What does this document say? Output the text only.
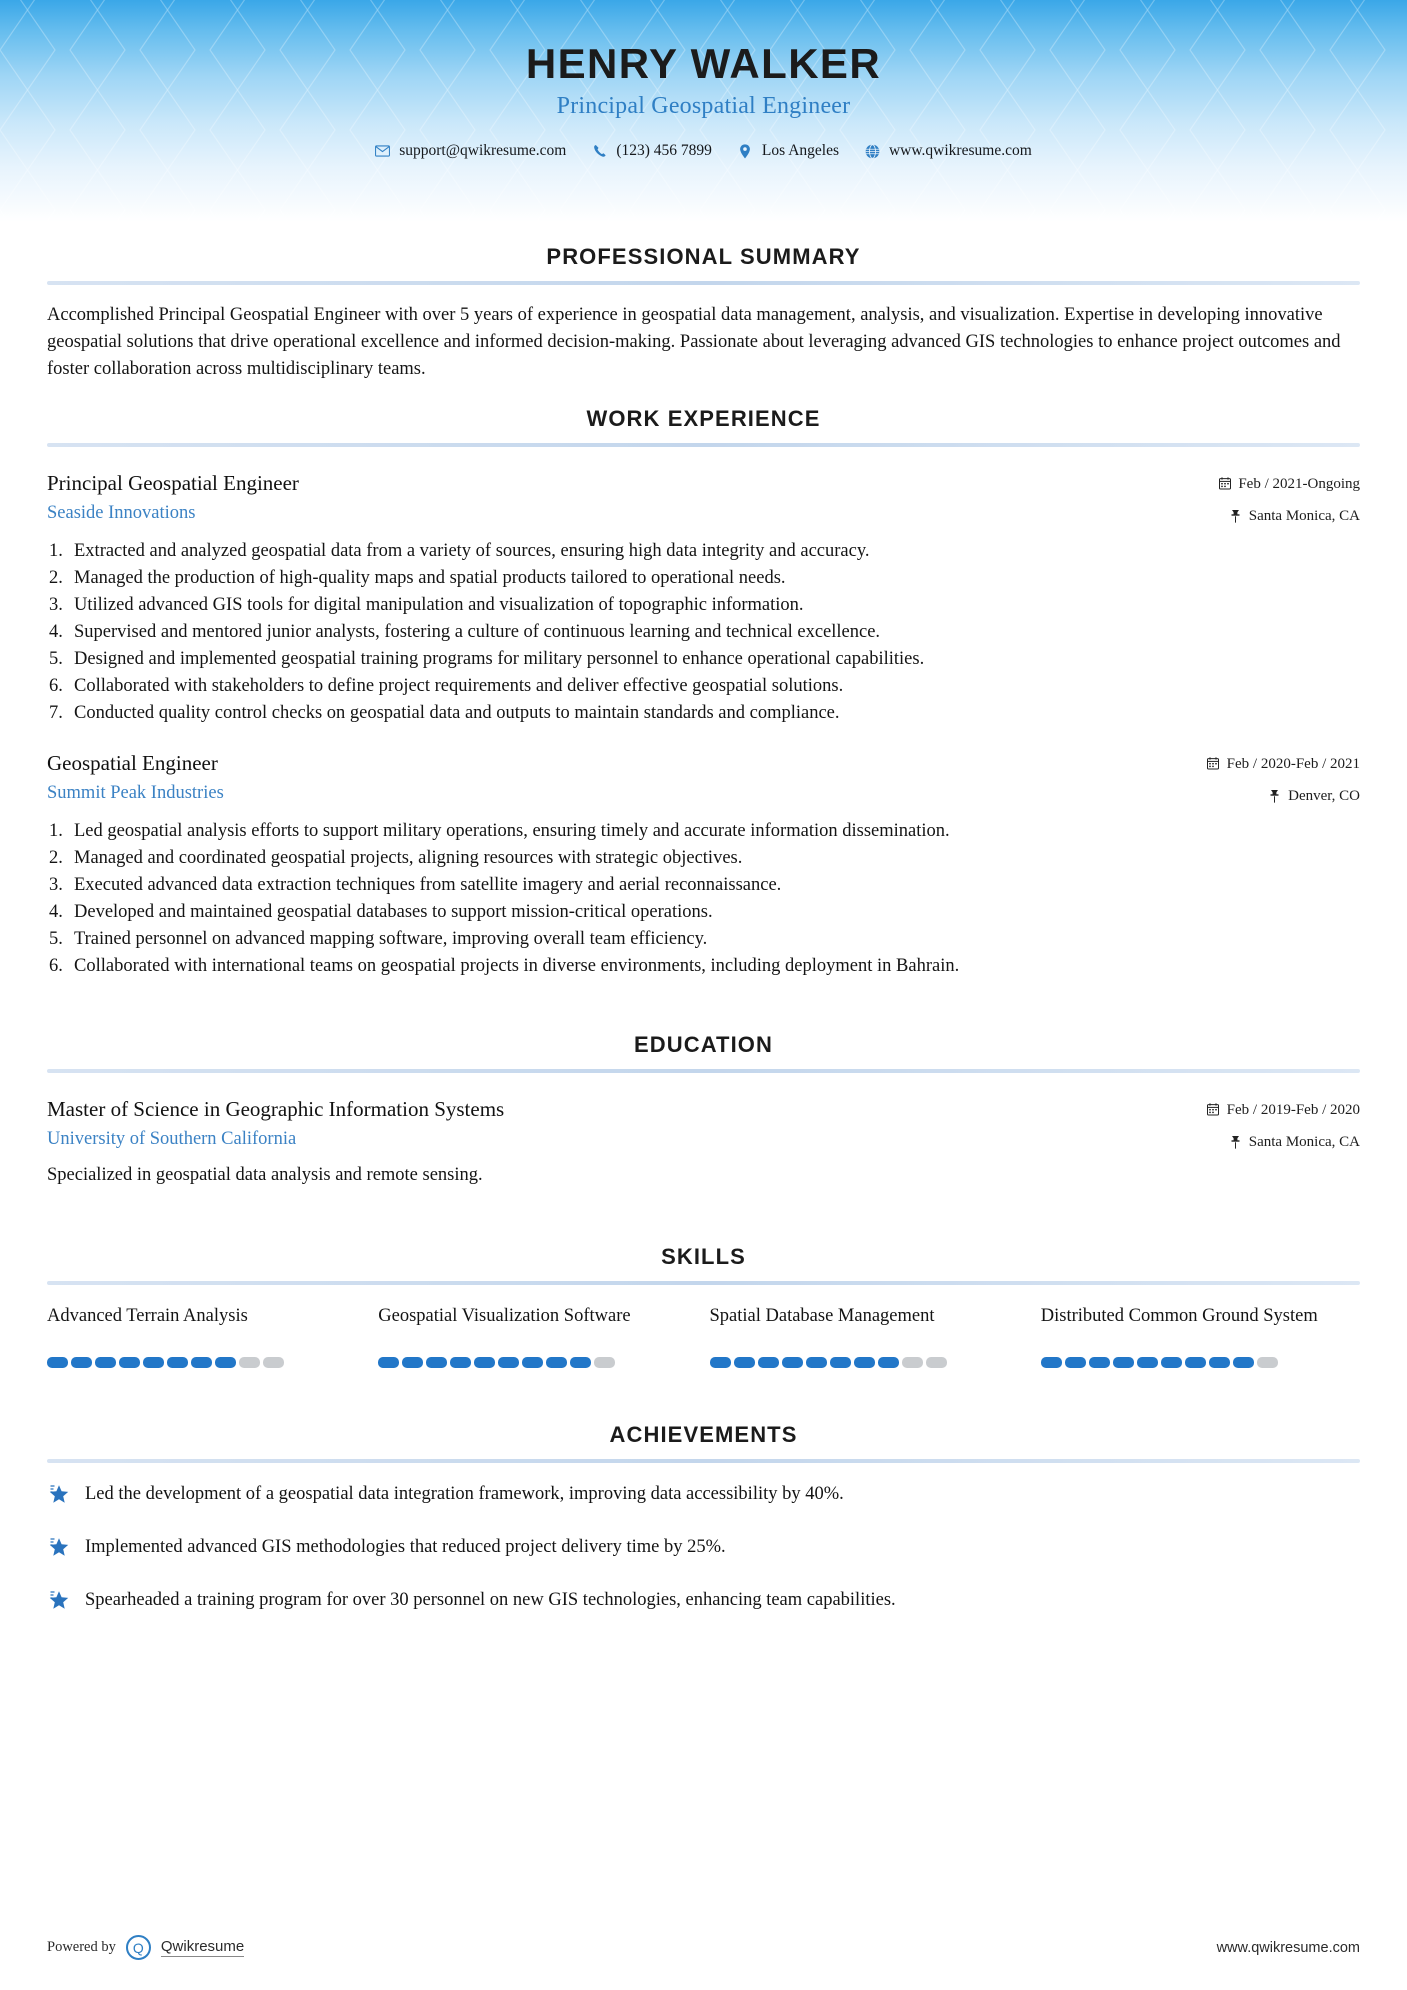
HENRY WALKER
Principal Geospatial Engineer
support@qwikresume.com	(123) 456 7899	Los Angeles	www.qwikresume.com
PROFESSIONAL SUMMARY

Accomplished Principal Geospatial Engineer with over 5 years of experience in geospatial data management, analysis, and visualization. Expertise in developing innovative geospatial solutions that drive operational excellence and informed decision-making. Passionate about leveraging advanced GIS technologies to enhance project outcomes and foster collaboration across multidisciplinary teams.

WORK EXPERIENCE
Principal Geospatial Engineer
Seaside Innovations
Feb / 2021-Ongoing
Santa Monica, CA
Extracted and analyzed geospatial data from a variety of sources, ensuring high data integrity and accuracy.
Managed the production of high-quality maps and spatial products tailored to operational needs.
Utilized advanced GIS tools for digital manipulation and visualization of topographic information.
Supervised and mentored junior analysts, fostering a culture of continuous learning and technical excellence.
Designed and implemented geospatial training programs for military personnel to enhance operational capabilities.
Collaborated with stakeholders to define project requirements and deliver effective geospatial solutions.
Conducted quality control checks on geospatial data and outputs to maintain standards and compliance.
Geospatial Engineer
Summit Peak Industries
Feb / 2020-Feb / 2021
Denver, CO
Led geospatial analysis efforts to support military operations, ensuring timely and accurate information dissemination.
Managed and coordinated geospatial projects, aligning resources with strategic objectives.
Executed advanced data extraction techniques from satellite imagery and aerial reconnaissance.
Developed and maintained geospatial databases to support mission-critical operations.
Trained personnel on advanced mapping software, improving overall team efficiency.
Collaborated with international teams on geospatial projects in diverse environments, including deployment in Bahrain.
EDUCATION
Master of Science in Geographic Information Systems
University of Southern California
Feb / 2019-Feb / 2020
Santa Monica, CA
Specialized in geospatial data analysis and remote sensing.
SKILLS
Advanced Terrain Analysis	Geospatial Visualization Software	Spatial Database Management	Distributed Common Ground System
ACHIEVEMENTS
Led the development of a geospatial data integration framework, improving data accessibility by 40%.
Implemented advanced GIS methodologies that reduced project delivery time by 25%.
Spearheaded a training program for over 30 personnel on new GIS technologies, enhancing team capabilities.
Powered by Q Qwikresume	www.qwikresume.com
